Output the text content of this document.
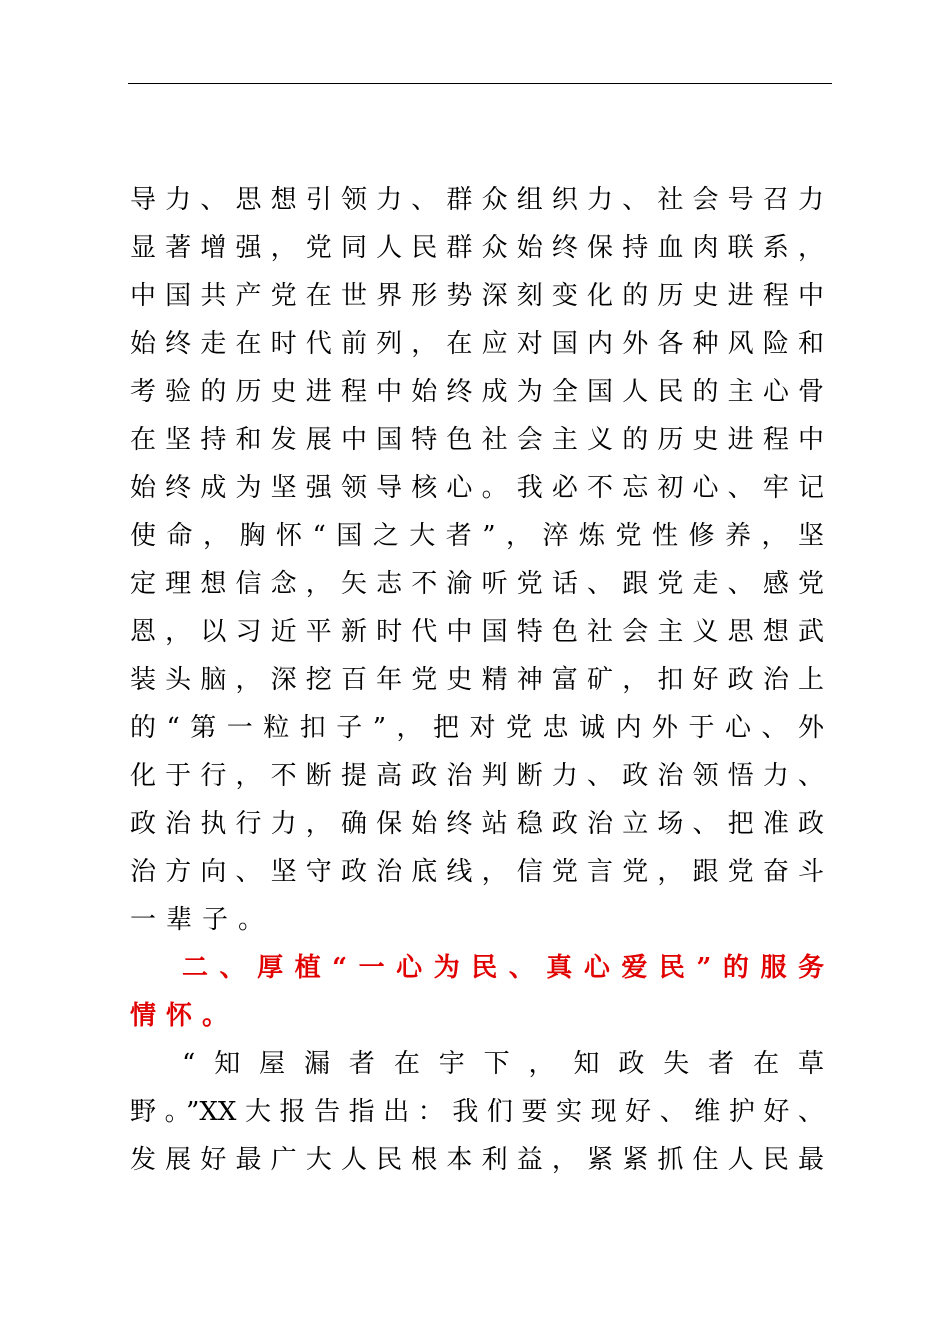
导力、思想引领力、群众组织力、社会号召力
显著增强，党同人民群众始终保持血肉联系，
中国共产党在世界形势深刻变化的历史进程中
始终走在时代前列，在应对国内外各种风险和
考验的历史进程中始终成为全国人民的主心骨
在坚持和发展中国特色社会主义的历史进程中
始终成为坚强领导核心。我必不忘初心、牢记
使命，胸怀“国之大者”，淬炼党性修养，坚
定理想信念，矢志不渝听党话、跟党走、感党
恩，以习近平新时代中国特色社会主义思想武
装头脑，深挖百年党史精神富矿，扣好政治上
的“第一粒扣子”，把对党忠诚内外于心、外
化于行，不断提高政治判断力、政治领悟力、
政治执行力，确保始终站稳政治立场、把准政
治方向、坚守政治底线，信党言党，跟党奋斗
一辈子。
二、厚植“一心为民、真心爱民”的服务
情怀。
“知屋漏者在宇下，知政失者在草
野。”XX大报告指出：我们要实现好、维护好、
发展好最广大人民根本利益，紧紧抓住人民最
